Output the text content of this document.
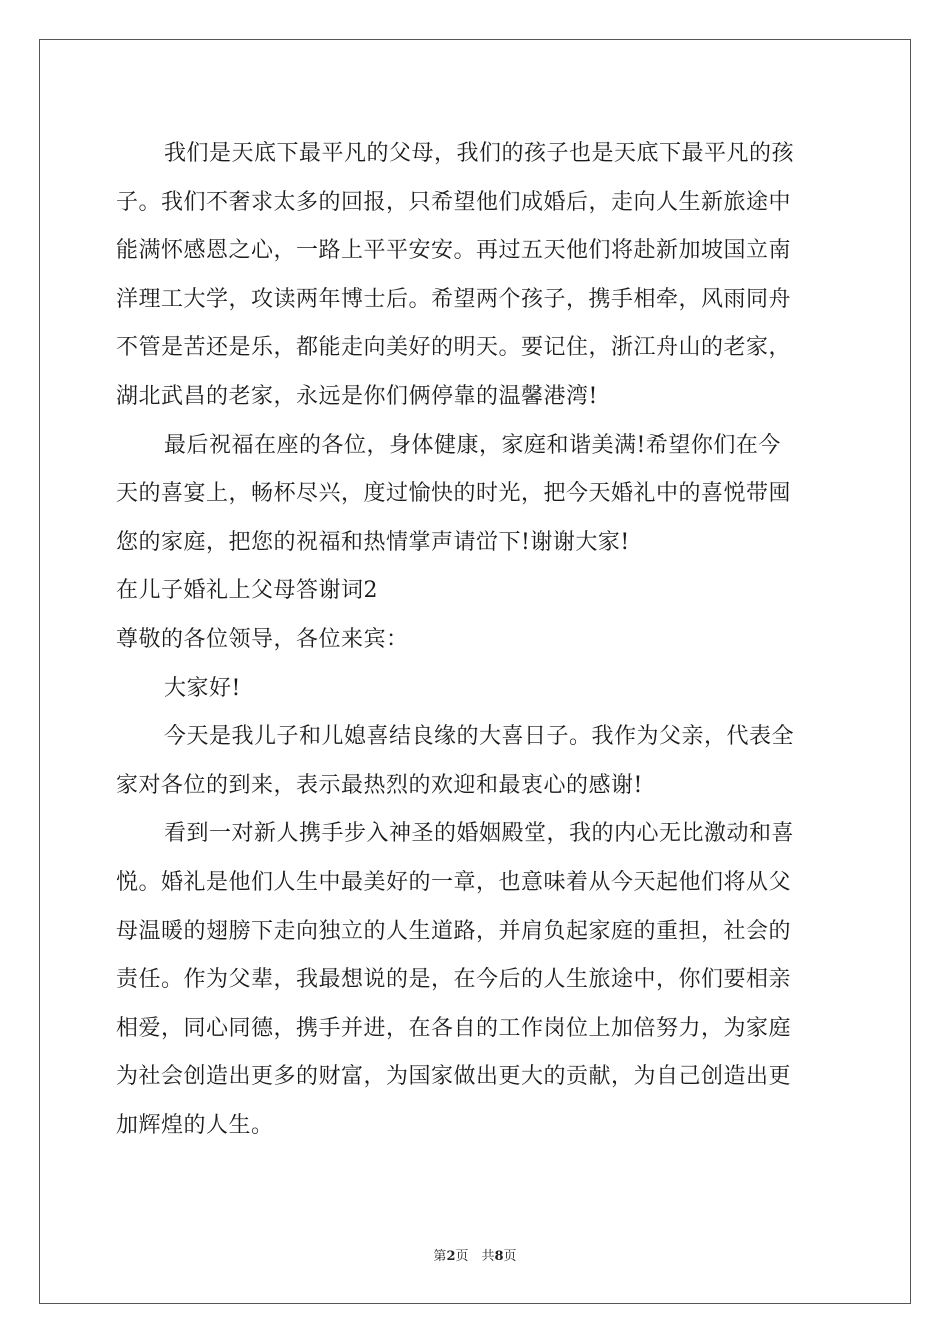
我们是天底下最平凡的父母，我们的孩子也是天底下最平凡的孩
子。我们不奢求太多的回报，只希望他们成婚后，走向人生新旅途中
能满怀感恩之心，一路上平平安安。再过五天他们将赴新加坡国立南
洋理工大学，攻读两年博士后。希望两个孩子，携手相牵，风雨同舟
不管是苦还是乐，都能走向美好的明天。要记住，浙江舟山的老家，
湖北武昌的老家，永远是你们俩停靠的温馨港湾!
最后祝福在座的各位，身体健康，家庭和谐美满!希望你们在今
天的喜宴上，畅杯尽兴，度过愉快的时光，把今天婚礼中的喜悦带囤
您的家庭，把您的祝福和热情掌声请峃下!谢谢大家!
在儿子婚礼上父母答谢词2
尊敬的各位领导，各位来宾：
大家好!
今天是我儿子和儿媳喜结良缘的大喜日子。我作为父亲，代表全
家对各位的到来，表示最热烈的欢迎和最衷心的感谢!
看到一对新人携手步入神圣的婚姻殿堂，我的内心无比激动和喜
悦。婚礼是他们人生中最美好的一章，也意味着从今天起他们将从父
母温暖的翅膀下走向独立的人生道路，并肩负起家庭的重担，社会的
责任。作为父辈，我最想说的是，在今后的人生旅途中，你们要相亲
相爱，同心同德，携手并进，在各自的工作岗位上加倍努力，为家庭
为社会创造出更多的财富，为国家做出更大的贡献，为自己创造出更
加辉煌的人生。
第2页　共8页
